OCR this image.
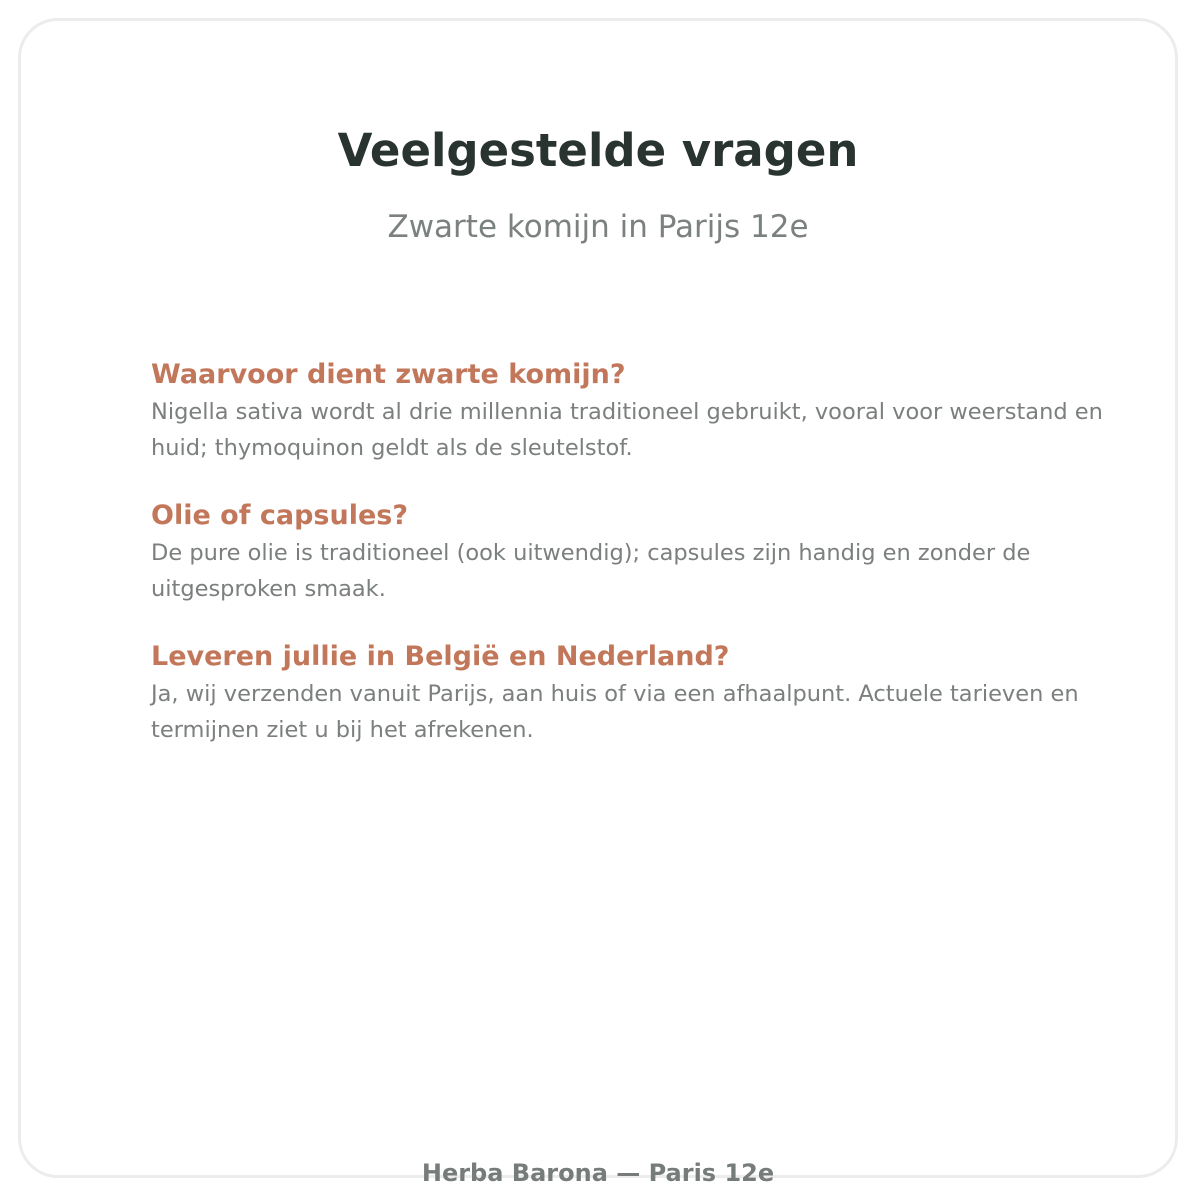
Veelgestelde vragen

Zwarte komijn in Parijs 12e

Waarvoor dient zwarte komijn?

Nigella sativa wordt al drie millennia traditioneel gebruikt, vooral voor weerstand en huid; thymoquinon geldt als de sleutelstof.

Olie of capsules?

De pure olie is traditioneel (ook uitwendig); capsules zijn handig en zonder de uitgesproken smaak.

Leveren jullie in België en Nederland?

Ja, wij verzenden vanuit Parijs, aan huis of via een afhaalpunt. Actuele tarieven en termijnen ziet u bij het afrekenen.

Herba Barona — Paris 12e
